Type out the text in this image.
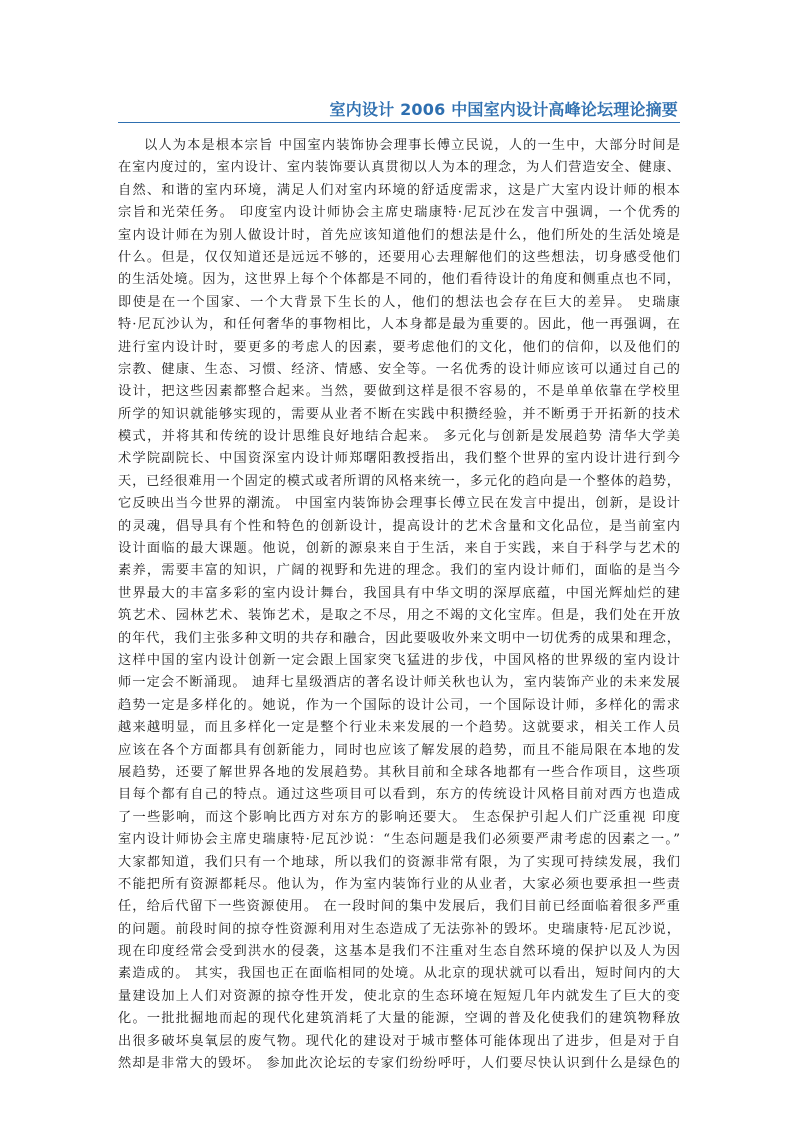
室内设计 2006 中国室内设计高峰论坛理论摘要
以人为本是根本宗旨 中国室内装饰协会理事长傅立民说，人的一生中，大部分时间是
在室内度过的，室内设计、室内装饰要认真贯彻以人为本的理念，为人们营造安全、健康、
自然、和谐的室内环境，满足人们对室内环境的舒适度需求，这是广大室内设计师的根本
宗旨和光荣任务。 印度室内设计师协会主席史瑞康特·尼瓦沙在发言中强调，一个优秀的
室内设计师在为别人做设计时，首先应该知道他们的想法是什么，他们所处的生活处境是
什么。但是，仅仅知道还是远远不够的，还要用心去理解他们的这些想法，切身感受他们
的生活处境。因为，这世界上每个个体都是不同的，他们看待设计的角度和侧重点也不同，
即使是在一个国家、一个大背景下生长的人，他们的想法也会存在巨大的差异。 史瑞康
特·尼瓦沙认为，和任何奢华的事物相比，人本身都是最为重要的。因此，他一再强调，在
进行室内设计时，要更多的考虑人的因素，要考虑他们的文化，他们的信仰，以及他们的
宗教、健康、生态、习惯、经济、情感、安全等。一名优秀的设计师应该可以通过自己的
设计，把这些因素都整合起来。当然，要做到这样是很不容易的，不是单单依靠在学校里
所学的知识就能够实现的，需要从业者不断在实践中积攒经验，并不断勇于开拓新的技术
模式，并将其和传统的设计思维良好地结合起来。 多元化与创新是发展趋势 清华大学美
术学院副院长、中国资深室内设计师郑曙阳教授指出，我们整个世界的室内设计进行到今
天，已经很难用一个固定的模式或者所谓的风格来统一，多元化的趋向是一个整体的趋势，
它反映出当今世界的潮流。 中国室内装饰协会理事长傅立民在发言中提出，创新，是设计
的灵魂，倡导具有个性和特色的创新设计，提高设计的艺术含量和文化品位，是当前室内
设计面临的最大课题。他说，创新的源泉来自于生活，来自于实践，来自于科学与艺术的
素养，需要丰富的知识，广阔的视野和先进的理念。我们的室内设计师们，面临的是当今
世界最大的丰富多彩的室内设计舞台，我国具有中华文明的深厚底蕴，中国光辉灿烂的建
筑艺术、园林艺术、装饰艺术，是取之不尽，用之不竭的文化宝库。但是，我们处在开放
的年代，我们主张多种文明的共存和融合，因此要吸收外来文明中一切优秀的成果和理念，
这样中国的室内设计创新一定会跟上国家突飞猛进的步伐，中国风格的世界级的室内设计
师一定会不断涌现。 迪拜七星级酒店的著名设计师关秋也认为，室内装饰产业的未来发展
趋势一定是多样化的。她说，作为一个国际的设计公司，一个国际设计师，多样化的需求
越来越明显，而且多样化一定是整个行业未来发展的一个趋势。这就要求，相关工作人员
应该在各个方面都具有创新能力，同时也应该了解发展的趋势，而且不能局限在本地的发
展趋势，还要了解世界各地的发展趋势。其秋目前和全球各地都有一些合作项目，这些项
目每个都有自己的特点。通过这些项目可以看到，东方的传统设计风格目前对西方也造成
了一些影响，而这个影响比西方对东方的影响还要大。 生态保护引起人们广泛重视 印度
室内设计师协会主席史瑞康特·尼瓦沙说：“生态问题是我们必须要严肃考虑的因素之一。”
大家都知道，我们只有一个地球，所以我们的资源非常有限，为了实现可持续发展，我们
不能把所有资源都耗尽。他认为，作为室内装饰行业的从业者，大家必须也要承担一些责
任，给后代留下一些资源使用。 在一段时间的集中发展后，我们目前已经面临着很多严重
的问题。前段时间的掠夺性资源利用对生态造成了无法弥补的毁坏。史瑞康特·尼瓦沙说，
现在印度经常会受到洪水的侵袭，这基本是我们不注重对生态自然环境的保护以及人为因
素造成的。 其实，我国也正在面临相同的处境。从北京的现状就可以看出，短时间内的大
量建设加上人们对资源的掠夺性开发，使北京的生态环境在短短几年内就发生了巨大的变
化。一批批掘地而起的现代化建筑消耗了大量的能源，空调的普及化使我们的建筑物释放
出很多破坏臭氧层的废气物。现代化的建设对于城市整体可能体现出了进步，但是对于自
然却是非常大的毁坏。 参加此次论坛的专家们纷纷呼吁，人们要尽快认识到什么是绿色的
